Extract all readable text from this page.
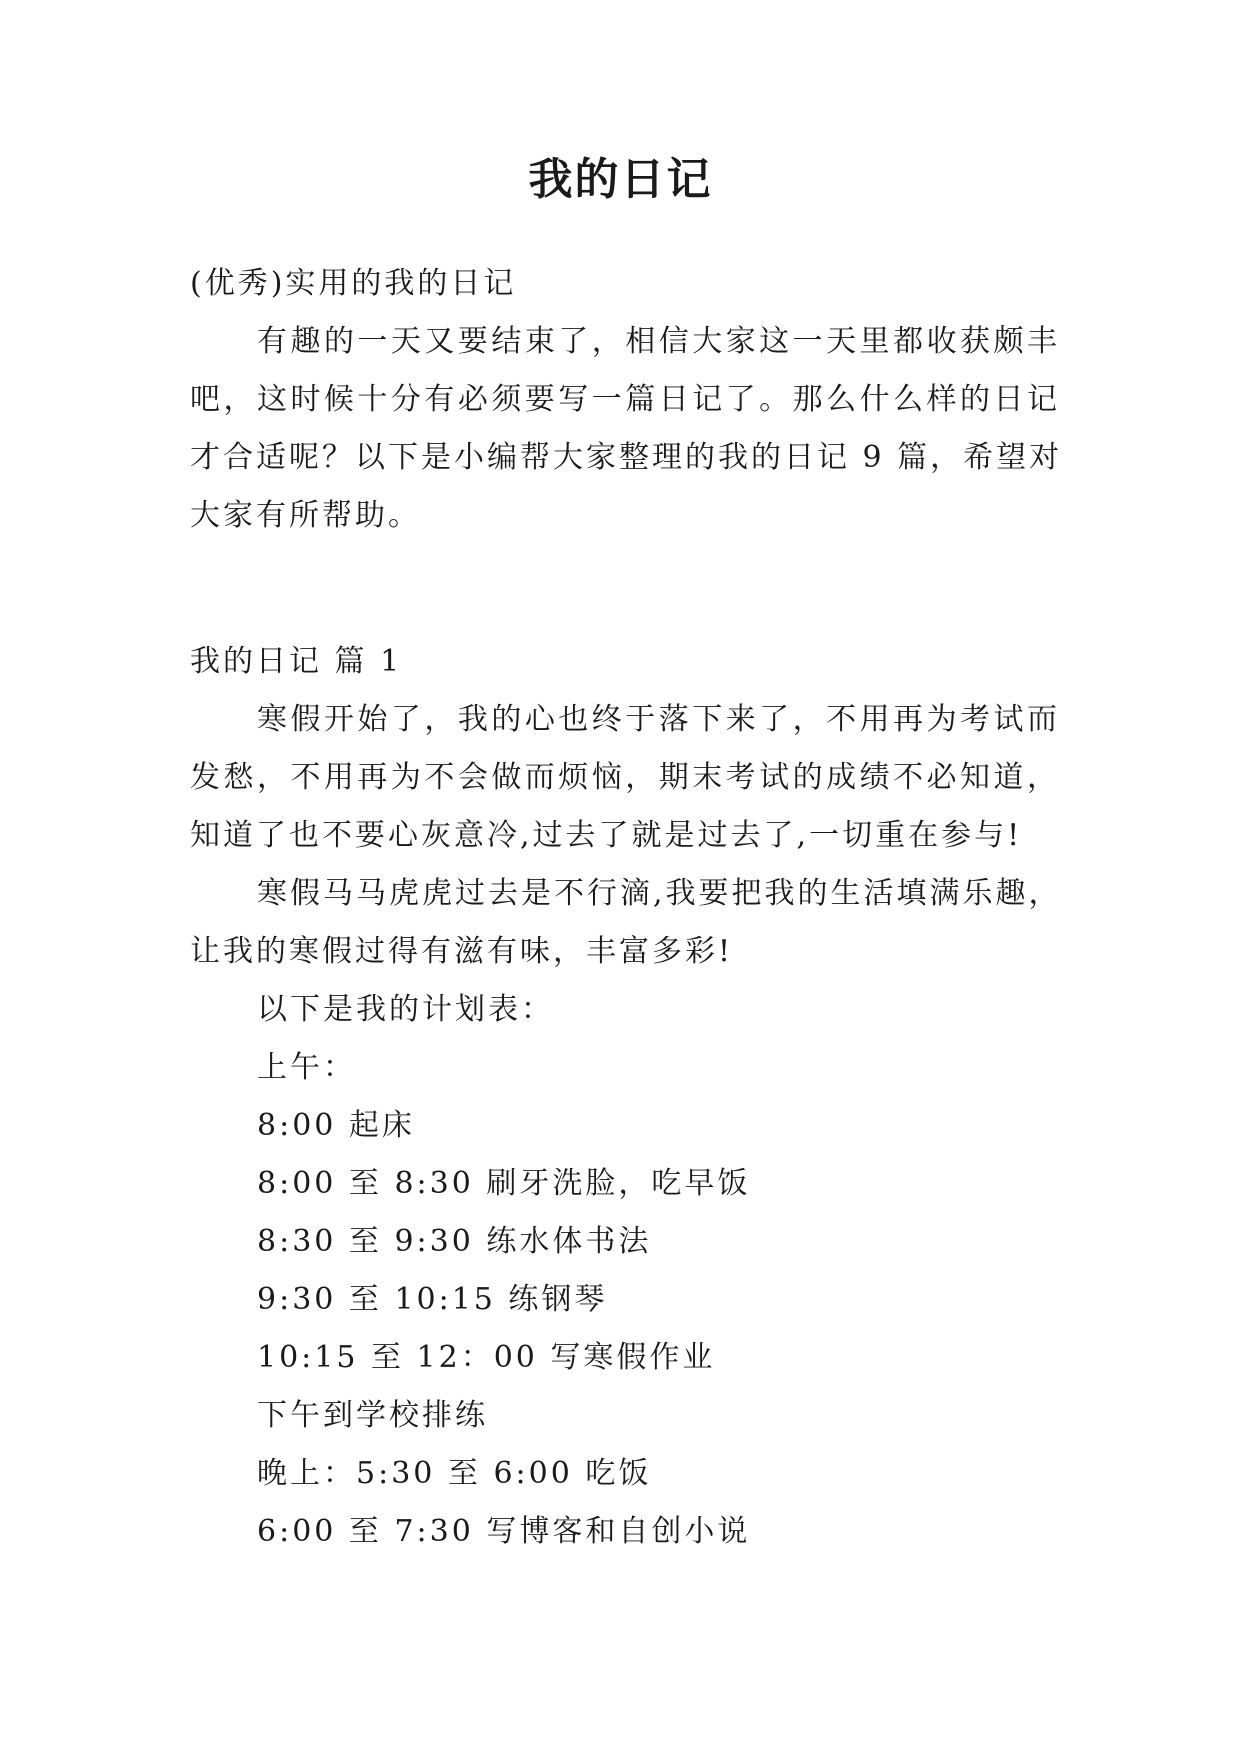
我的日记
(优秀)实用的我的日记
有趣的一天又要结束了，相信大家这一天里都收获颇丰
吧，这时候十分有必须要写一篇日记了。那么什么样的日记
才合适呢？以下是小编帮大家整理的我的日记 9 篇，希望对
大家有所帮助。
我的日记 篇 1
寒假开始了，我的心也终于落下来了，不用再为考试而
发愁，不用再为不会做而烦恼，期末考试的成绩不必知道，
知道了也不要心灰意冷,过去了就是过去了,一切重在参与!
寒假马马虎虎过去是不行滴,我要把我的生活填满乐趣，
让我的寒假过得有滋有味，丰富多彩!
以下是我的计划表：
上午：
8:00 起床
8:00 至 8:30 刷牙洗脸，吃早饭
8:30 至 9:30 练水体书法
9:30 至 10:15 练钢琴
10:15 至 12：00 写寒假作业
下午到学校排练
晚上：5:30 至 6:00 吃饭
6:00 至 7:30 写博客和自创小说
